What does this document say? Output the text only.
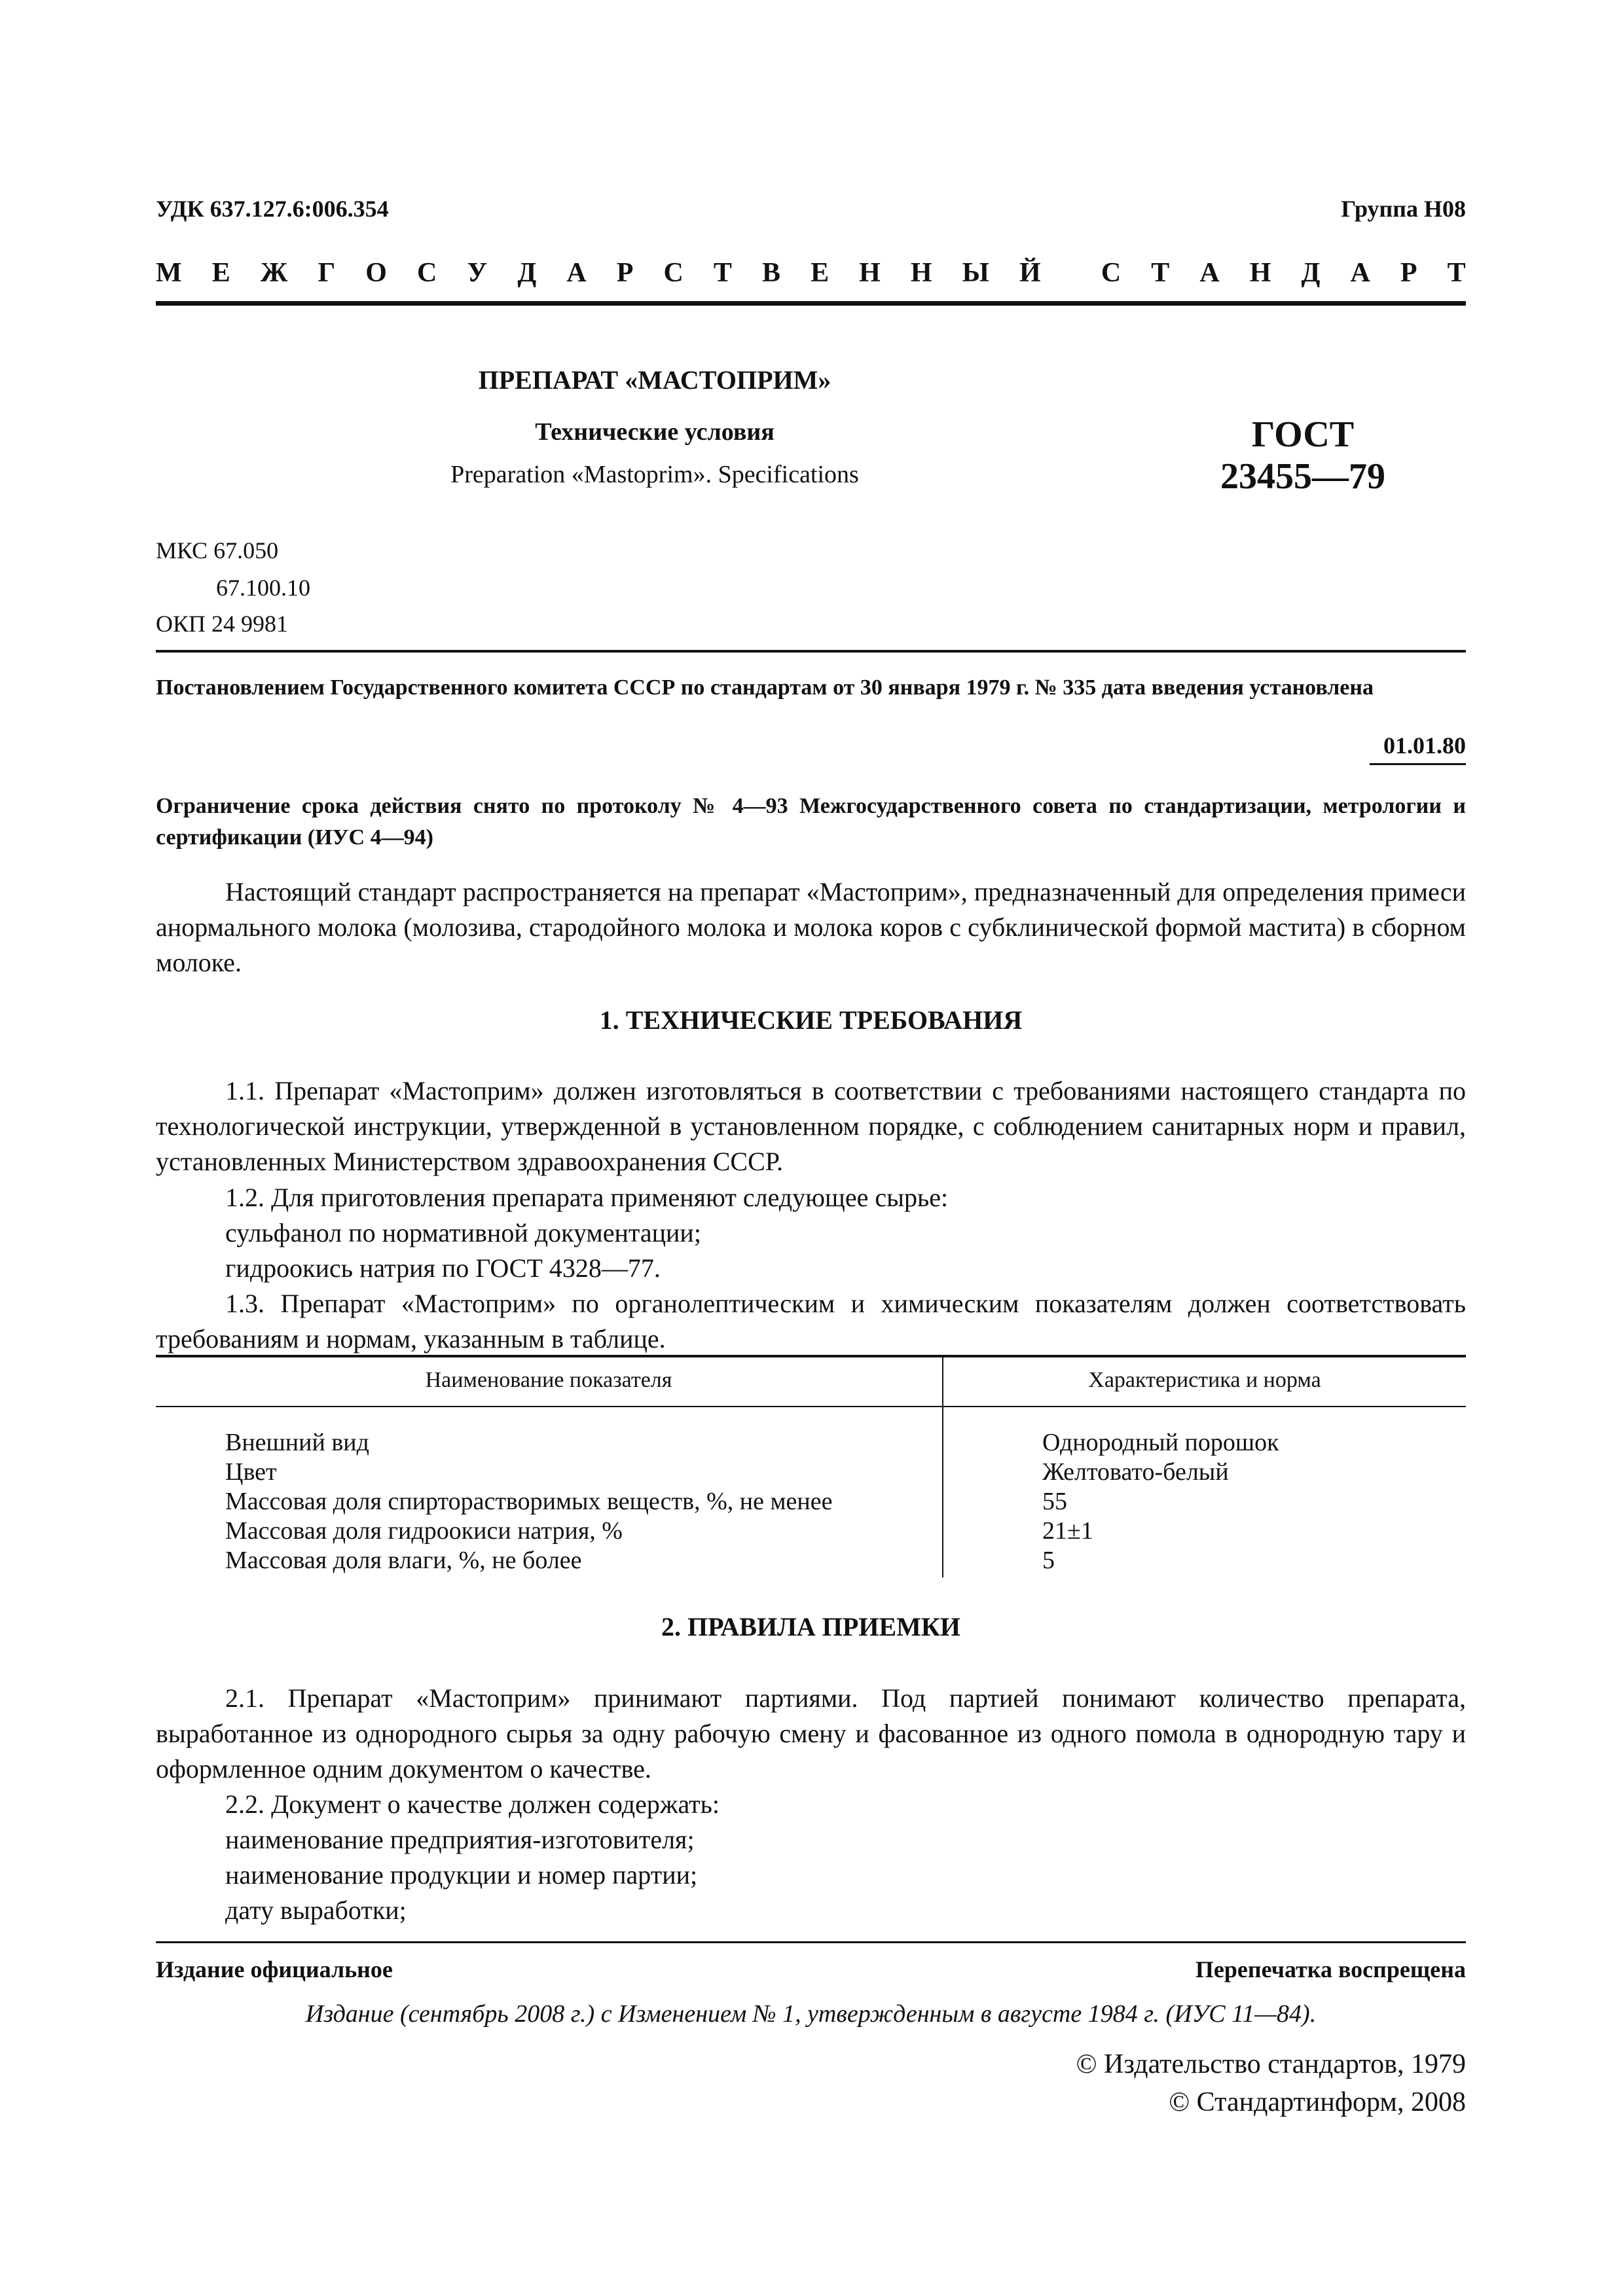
УДК 637.127.6:006.354	Группа Н08
М Е Ж Г О С У Д А Р С Т В Е Н Н Ы Й С Т А Н Д А Р Т
ПРЕПАРАТ «МАСТОПРИМ»
Технические условия
Preparation «Mastoprim». Specifications
ГОСТ
23455—79
МКС 67.050
67.100.10
ОКП 24 9981
Постановлением Государственного комитета СССР по стандартам от 30 января 1979 г. № 335 дата введения установлена
01.01.80
Ограничение срока действия снято по протоколу № 4—93 Межгосударственного совета по стандартизации, метрологии и сертификации (ИУС 4—94)
Настоящий стандарт распространяется на препарат «Мастоприм», предназначенный для определения примеси анормального молока (молозива, стародойного молока и молока коров с субклинической формой мастита) в сборном молоке.
1. ТЕХНИЧЕСКИЕ ТРЕБОВАНИЯ
1.1. Препарат «Мастоприм» должен изготовляться в соответствии с требованиями настоящего стандарта по технологической инструкции, утвержденной в установленном порядке, с соблюдением санитарных норм и правил, установленных Министерством здравоохранения СССР.
1.2. Для приготовления препарата применяют следующее сырье:
сульфанол по нормативной документации;
гидроокись натрия по ГОСТ 4328—77.
1.3. Препарат «Мастоприм» по органолептическим и химическим показателям должен соответствовать требованиям и нормам, указанным в таблице.
Наименование показателя	Характеристика и норма
Внешний вид	Однородный порошок
Цвет	Желтовато-белый
Массовая доля спирторастворимых веществ, %, не менее	55
Массовая доля гидроокиси натрия, %	21±1
Массовая доля влаги, %, не более	5
2. ПРАВИЛА ПРИЕМКИ
2.1. Препарат «Мастоприм» принимают партиями. Под партией понимают количество препарата, выработанное из однородного сырья за одну рабочую смену и фасованное из одного помола в однородную тару и оформленное одним документом о качестве.
2.2. Документ о качестве должен содержать:
наименование предприятия-изготовителя;
наименование продукции и номер партии;
дату выработки;
Издание официальное	Перепечатка воспрещена
Издание (сентябрь 2008 г.) с Изменением № 1, утвержденным в августе 1984 г. (ИУС 11—84).
© Издательство стандартов, 1979
© Стандартинформ, 2008
